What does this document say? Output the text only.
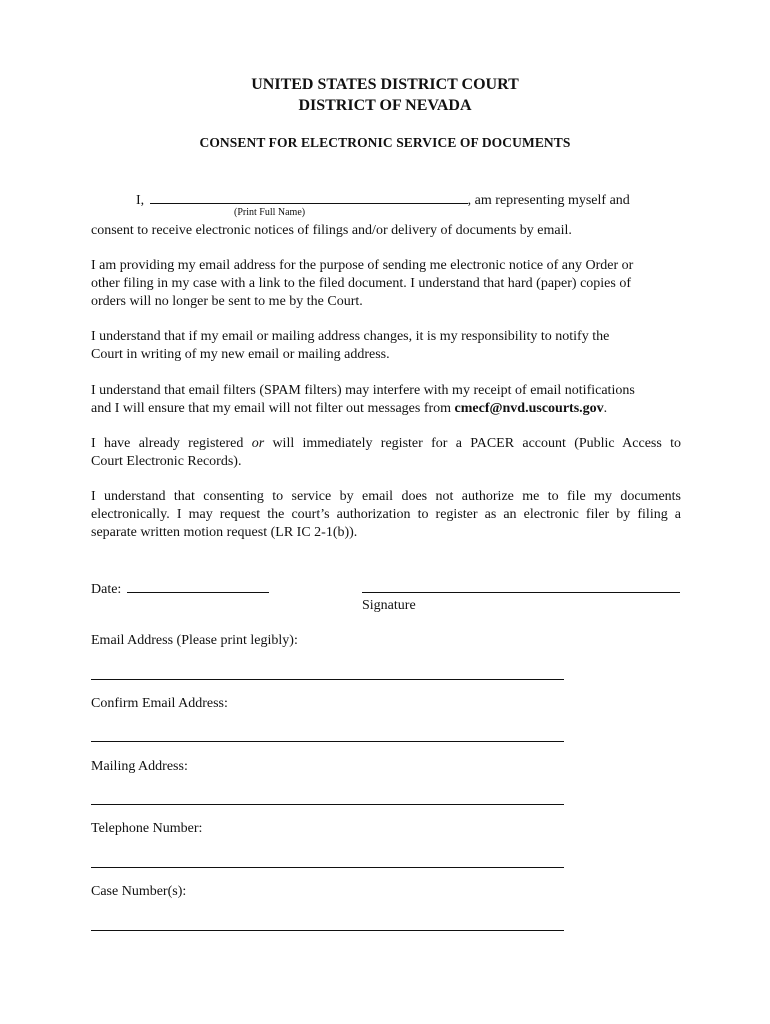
UNITED STATES DISTRICT COURT
DISTRICT OF NEVADA
CONSENT FOR ELECTRONIC SERVICE OF DOCUMENTS
I,	, am representing myself and
(Print Full Name)
consent to receive electronic notices of filings and/or delivery of documents by email.

I am providing my email address for the purpose of sending me electronic notice of any Order or
other filing in my case with a link to the filed document. I understand that hard (paper) copies of
orders will no longer be sent to me by the Court.

I understand that if my email or mailing address changes, it is my responsibility to notify the
Court in writing of my new email or mailing address.

I understand that email filters (SPAM filters) may interfere with my receipt of email notifications
and I will ensure that my email will not filter out messages from cmecf@nvd.uscourts.gov.

I have already registered or will immediately register for a PACER account (Public Access to
Court Electronic Records).

I understand that consenting to service by email does not authorize me to file my documents
electronically. I may request the court’s authorization to register as an electronic filer by filing a
separate written motion request (LR IC 2-1(b)).

Date:
Signature
Email Address (Please print legibly):
Confirm Email Address:
Mailing Address:
Telephone Number:
Case Number(s):
